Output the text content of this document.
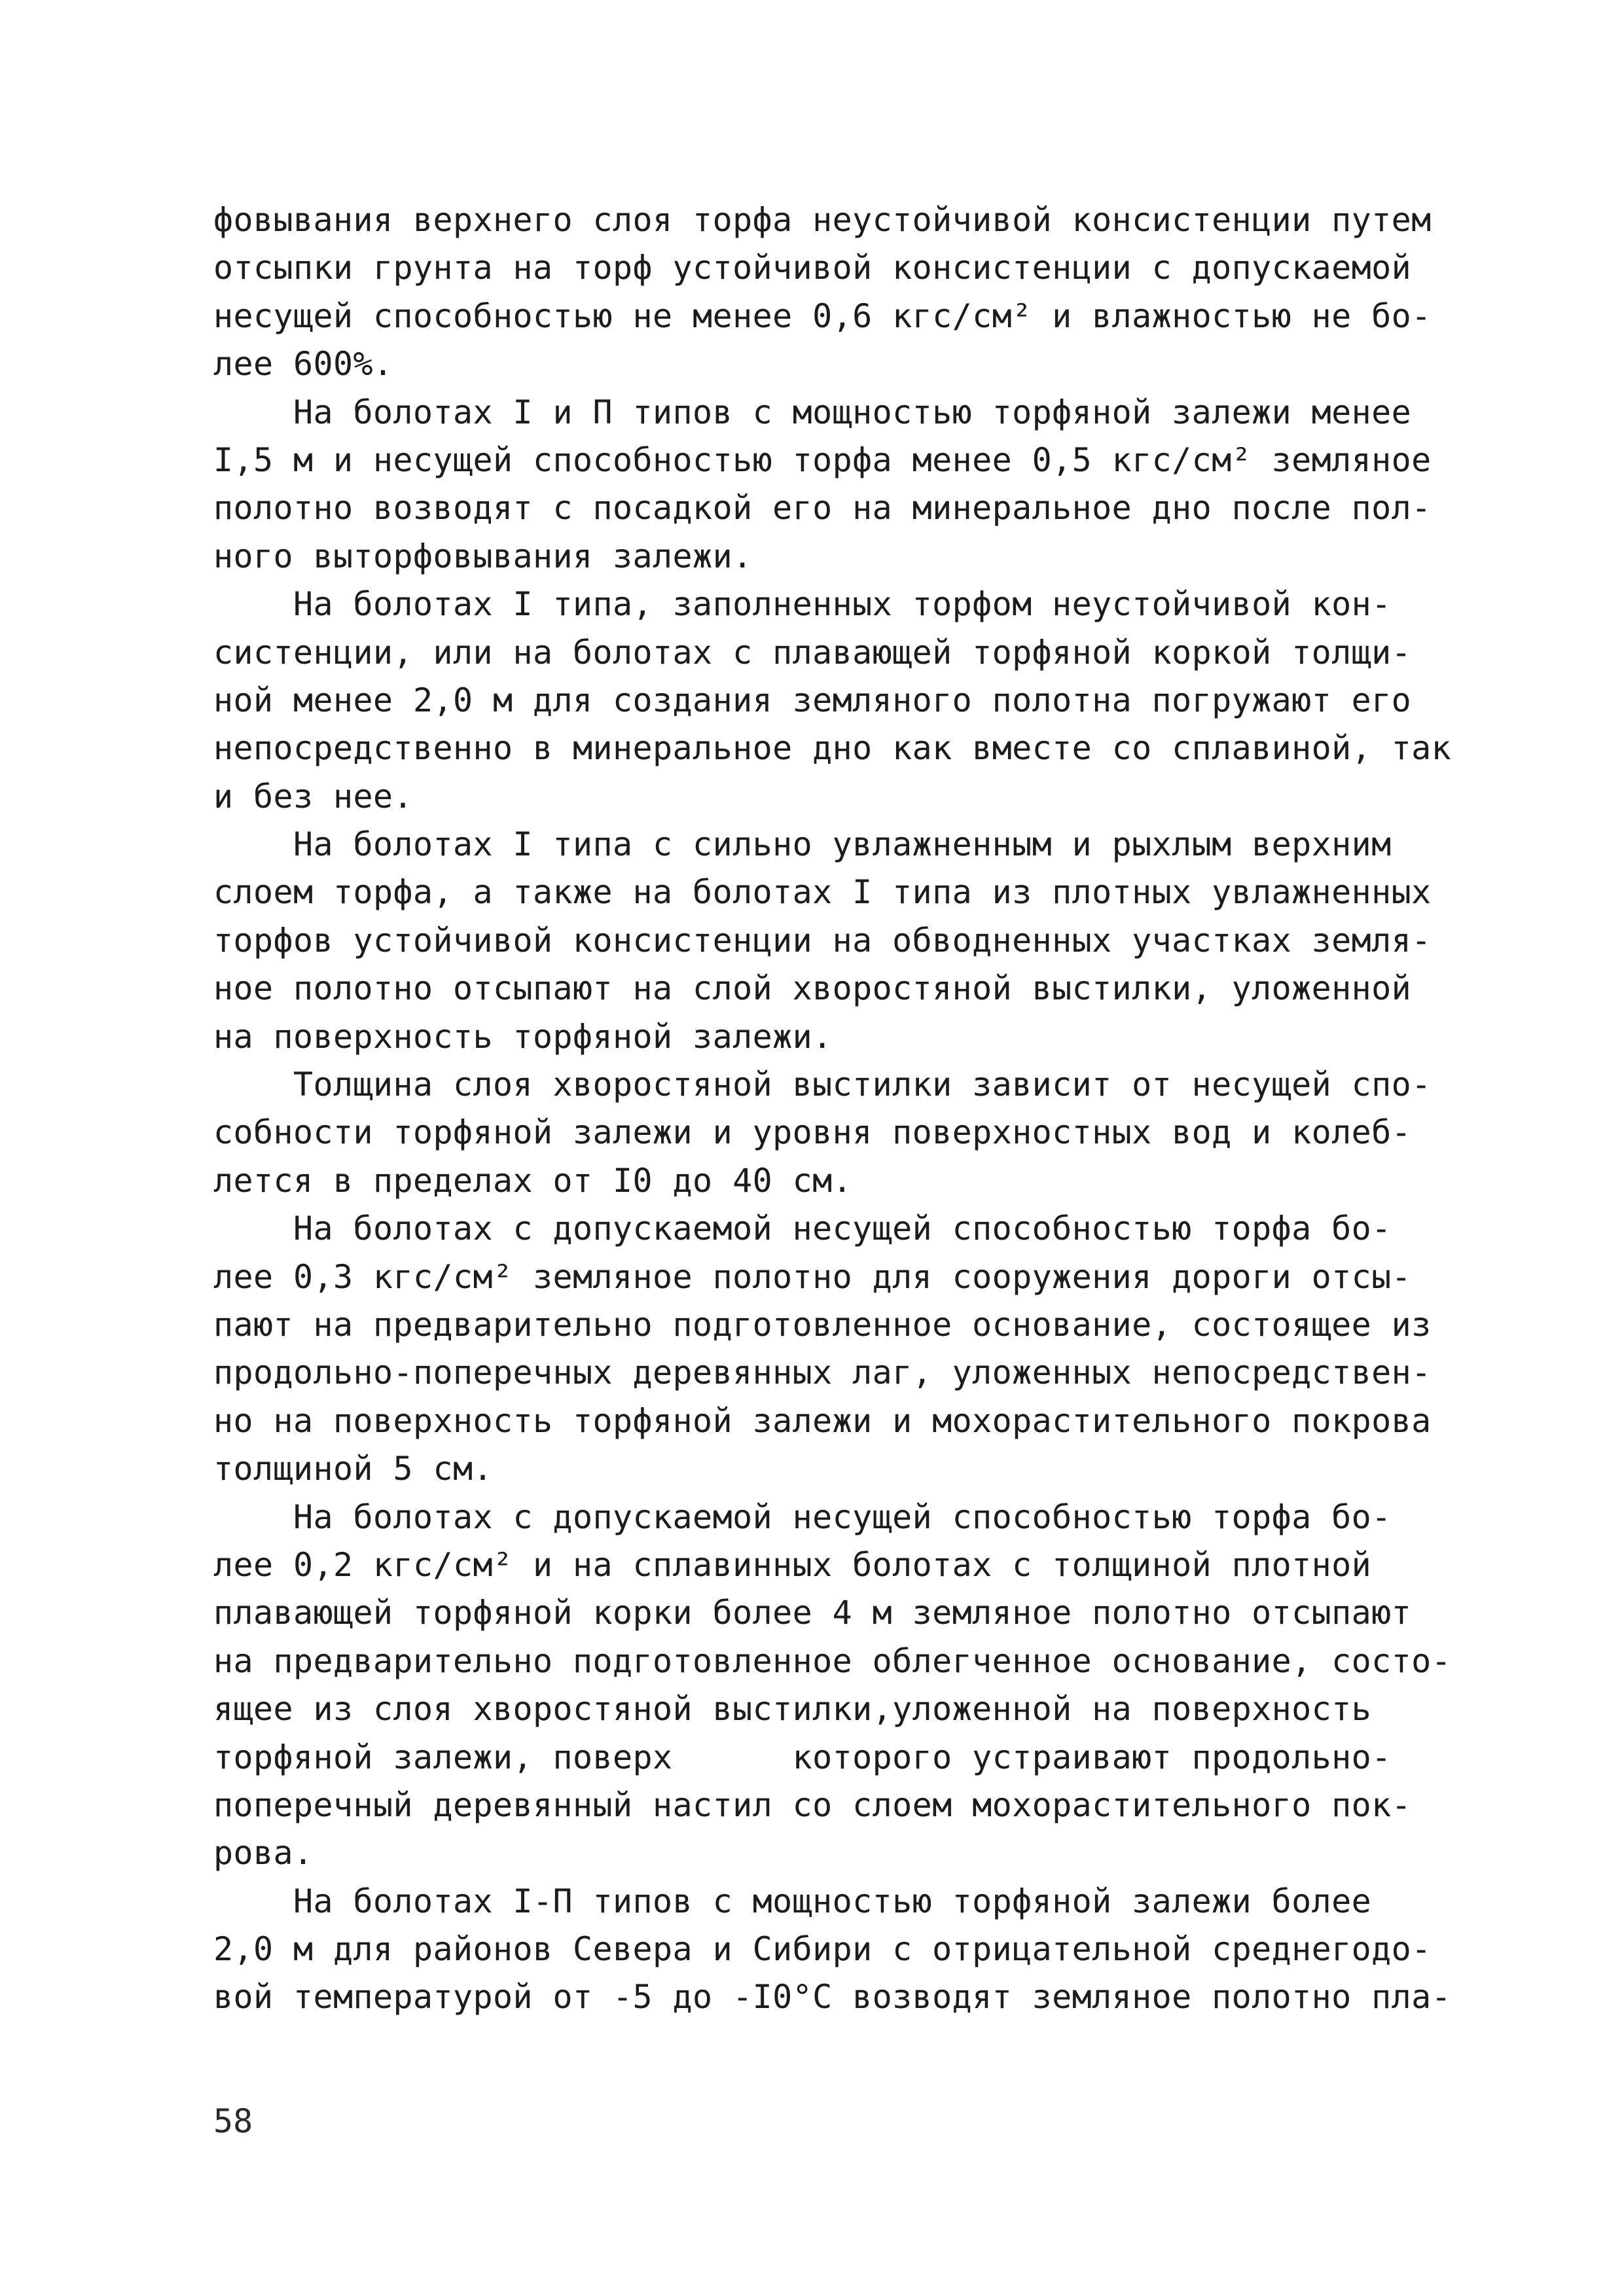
фовывания верхнего слоя торфа неустойчивой консистенции путем
отсыпки грунта на торф устойчивой консистенции с допускаемой
несущей способностью не менее 0,6 кгс/см² и влажностью не бо-
лее 600%.
На болотах I и П типов с мощностью торфяной залежи менее
I,5 м и несущей способностью торфа менее 0,5 кгс/см² земляное
полотно возводят с посадкой его на минеральное дно после пол-
ного выторфовывания залежи.
На болотах I типа, заполненных торфом неустойчивой кон-
систенции, или на болотах с плавающей торфяной коркой толщи-
ной менее 2,0 м для создания земляного полотна погружают его
непосредственно в минеральное дно как вместе со сплавиной, так
и без нее.
На болотах I типа с сильно увлажненным и рыхлым верхним
слоем торфа, а также на болотах I типа из плотных увлажненных
торфов устойчивой консистенции на обводненных участках земля-
ное полотно отсыпают на слой хворостяной выстилки, уложенной
на поверхность торфяной залежи.
Толщина слоя хворостяной выстилки зависит от несущей спо-
собности торфяной залежи и уровня поверхностных вод и колеб-
лется в пределах от I0 до 40 см.
На болотах с допускаемой несущей способностью торфа бо-
лее 0,3 кгс/см² земляное полотно для сооружения дороги отсы-
пают на предварительно подготовленное основание, состоящее из
продольно-поперечных деревянных лаг, уложенных непосредствен-
но на поверхность торфяной залежи и мохорастительного покрова
толщиной 5 см.
На болотах с допускаемой несущей способностью торфа бо-
лее 0,2 кгс/см² и на сплавинных болотах с толщиной плотной
плавающей торфяной корки более 4 м земляное полотно отсыпают
на предварительно подготовленное облегченное основание, состо-
ящее из слоя хворостяной выстилки,уложенной на поверхность
торфяной залежи, поверх      которого устраивают продольно-
поперечный деревянный настил со слоем мохорастительного пок-
рова.
На болотах I-П типов с мощностью торфяной залежи более
2,0 м для районов Севера и Сибири с отрицательной среднегодо-
вой температурой от -5 до -I0°С возводят земляное полотно пла-
58
